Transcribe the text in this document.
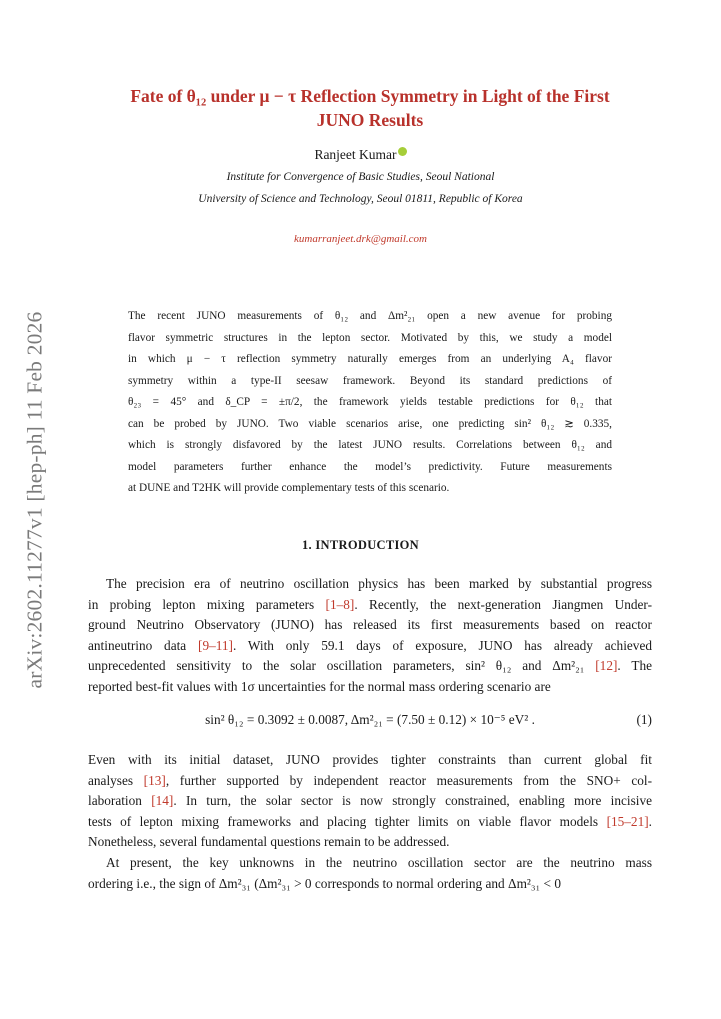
arXiv:2602.11277v1 [hep-ph] 11 Feb 2026
Fate of θ₁₂ under μ − τ Reflection Symmetry in Light of the First
JUNO Results
Ranjeet Kumar
Institute for Convergence of Basic Studies, Seoul National
University of Science and Technology, Seoul 01811, Republic of Korea
kumarranjeet.drk@gmail.com
The recent JUNO measurements of θ₁₂ and Δm²₂₁ open a new avenue for probing
flavor symmetric structures in the lepton sector. Motivated by this, we study a model
in which μ − τ reflection symmetry naturally emerges from an underlying A₄ flavor
symmetry within a type-II seesaw framework. Beyond its standard predictions of
θ₂₃ = 45° and δ_CP = ±π/2, the framework yields testable predictions for θ₁₂ that
can be probed by JUNO. Two viable scenarios arise, one predicting sin² θ₁₂ ≳ 0.335,
which is strongly disfavored by the latest JUNO results. Correlations between θ₁₂ and
model parameters further enhance the model’s predictivity. Future measurements
at DUNE and T2HK will provide complementary tests of this scenario.
1. INTRODUCTION
The precision era of neutrino oscillation physics has been marked by substantial progress
in probing lepton mixing parameters [1–8]. Recently, the next-generation Jiangmen Under-
ground Neutrino Observatory (JUNO) has released its first measurements based on reactor
antineutrino data [9–11]. With only 59.1 days of exposure, JUNO has already achieved
unprecedented sensitivity to the solar oscillation parameters, sin² θ₁₂ and Δm²₂₁ [12]. The
reported best-fit values with 1σ uncertainties for the normal mass ordering scenario are
sin² θ₁₂ = 0.3092 ± 0.0087, Δm²₂₁ = (7.50 ± 0.12) × 10⁻⁵ eV² .	(1)
Even with its initial dataset, JUNO provides tighter constraints than current global fit
analyses [13], further supported by independent reactor measurements from the SNO+ col-
laboration [14]. In turn, the solar sector is now strongly constrained, enabling more incisive
tests of lepton mixing frameworks and placing tighter limits on viable flavor models [15–21].
Nonetheless, several fundamental questions remain to be addressed.
At present, the key unknowns in the neutrino oscillation sector are the neutrino mass
ordering i.e., the sign of Δm²₃₁ (Δm²₃₁ > 0 corresponds to normal ordering and Δm²₃₁ < 0
